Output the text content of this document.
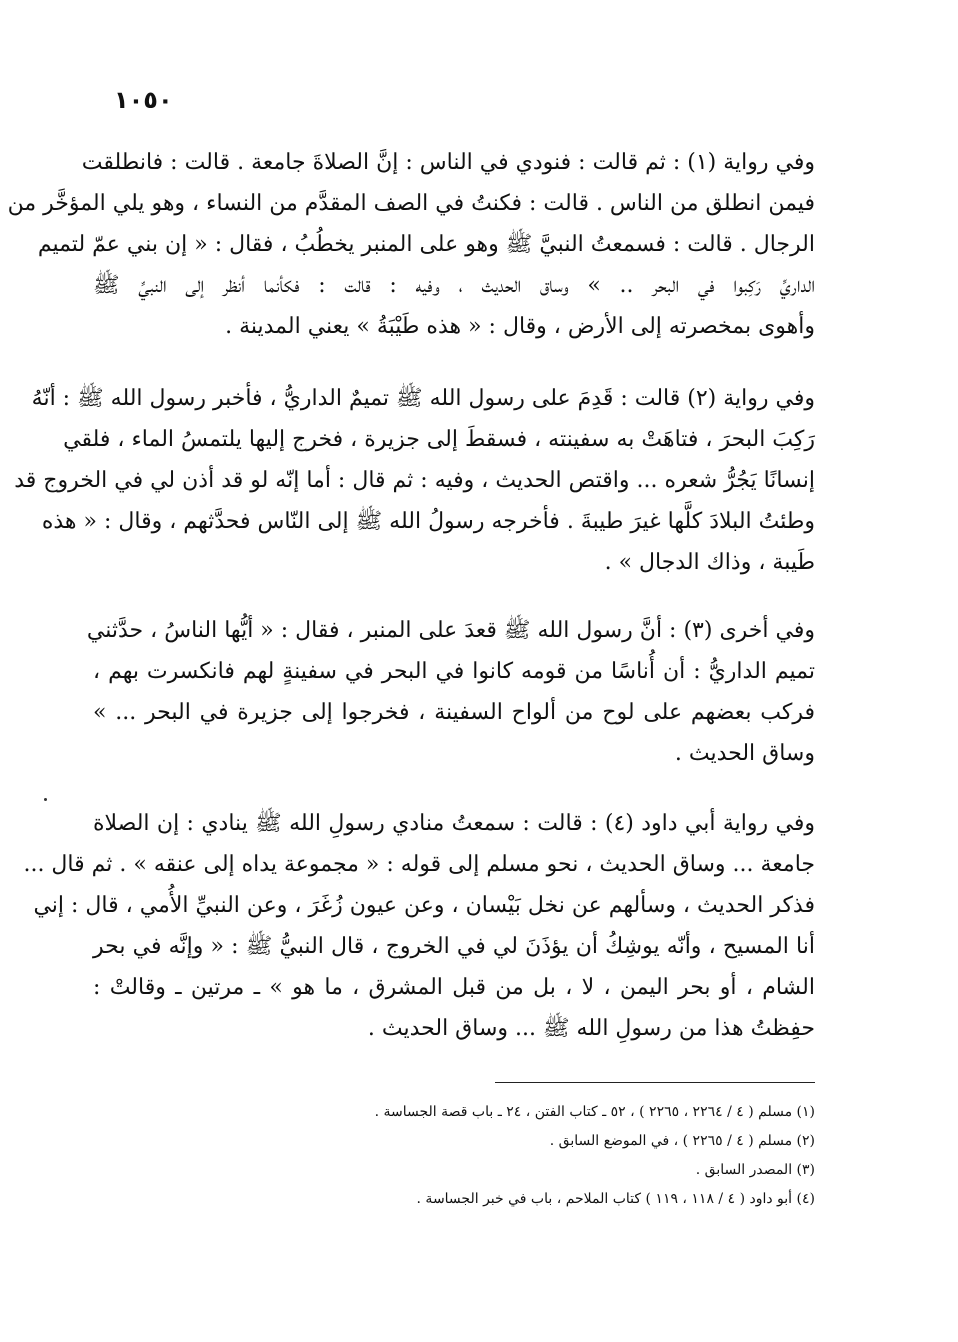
١٠٥٠
وفي رواية (١) : ثم قالت : فنودي في الناس : إنَّ الصلاةَ جامعة . قالت : فانطلقت
فيمن انطلق من الناس . قالت : فكنتُ في الصف المقدَّم من النساء ، وهو يلي المؤخَّر من
الرجال . قالت : فسمعتُ النبيَّ ﷺ وهو على المنبر يخطُبُ ، فقال : « إن بني عمّ لتميم
الداريِّ رَكِبوا في البحر .. » وساق الحديث ، وفيه : قالت : فكأنما أنظر إلى النبيِّ ﷺ
وأهوى بمخصرته إلى الأرض ، وقال : « هذه طَيْبَةُ » يعني المدينة .
وفي رواية (٢) قالت : قَدِمَ على رسول الله ﷺ تميمٌ الداريُّ ، فأخبر رسول الله ﷺ : أنّهُ
رَكِبَ البحرَ ، فتاهَتْ به سفينته ، فسقطَ إلى جزيرة ، فخرج إليها يلتمسُ الماء ، فلقي
إنسانًا يَجُرُّ شعره ... واقتص الحديث ، وفيه : ثم قال : أما إنّه لو قد أذن لي في الخروج قد
وطئتُ البلادَ كلَّها غيرَ طيبةَ . فأخرجه رسولُ الله ﷺ إلى النّاس فحدَّثهم ، وقال : « هذه
طَيبة ، وذاك الدجال » .
وفي أخرى (٣) : أنَّ رسول الله ﷺ قعدَ على المنبر ، فقال : « أيُّها الناسُ ، حدَّثني
تميم الداريُّ : أن أُناسًا من قومه كانوا في البحر في سفينةٍ لهم فانكسرت بهم ،
فركب بعضهم على لوح من ألواح السفينة ، فخرجوا إلى جزيرة في البحر ... »
وساق الحديث .
وفي رواية أبي داود (٤) : قالت : سمعتُ منادي رسولِ الله ﷺ ينادي : إن الصلاة
جامعة ... وساق الحديث ، نحو مسلم إلى قوله : « مجموعة يداه إلى عنقه » . ثم قال ...
فذكر الحديث ، وسألهم عن نخل بَيْسان ، وعن عيون زُغَرَ ، وعن النبيِّ الأُمي ، قال : إني
أنا المسيح ، وأنّه يوشِكُ أن يؤذَنَ لي في الخروج ، قال النبيُّ ﷺ : « وإنَّه في بحر
الشام ، أو بحر اليمن ، لا ، بل من قبل المشرق ، ما هو » ـ مرتين ـ وقالتْ :
حفِظتُ هذا من رسولِ الله ﷺ ... وساق الحديث .
(١) مسلم ( ٤ / ٢٢٦٤ ، ٢٢٦٥ ) ، ٥٢ ـ كتاب الفتن ، ٢٤ ـ باب قصة الجساسة .
(٢) مسلم ( ٤ / ٢٢٦٥ ) ، في الموضع السابق .
(٣) المصدر السابق .
(٤) أبو داود ( ٤ / ١١٨ ، ١١٩ ) كتاب الملاحم ، باب في خبر الجساسة .
